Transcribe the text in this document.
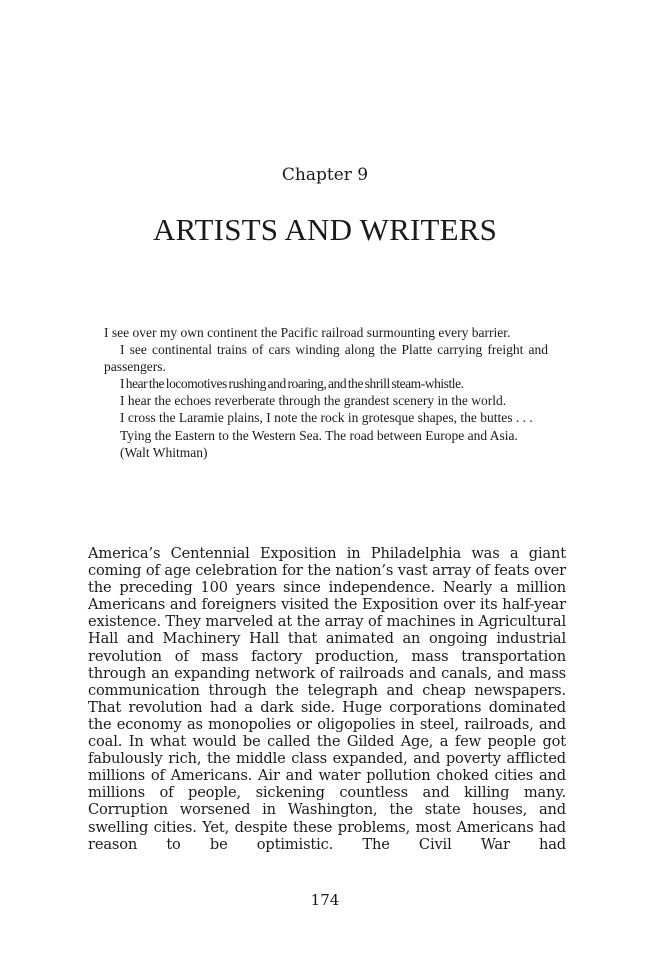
Chapter 9
ARTISTS AND WRITERS

I see over my own continent the Pacific railroad surmounting every barrier.

I see continental trains of cars winding along the Platte carrying freight and passengers.

I hear the locomotives rushing and roaring, and the shrill steam-whistle.

I hear the echoes reverberate through the grandest scenery in the world.

I cross the Laramie plains, I note the rock in grotesque shapes, the buttes . . .

Tying the Eastern to the Western Sea. The road between Europe and Asia.

(Walt Whitman)

America’s Centennial Exposition in Philadelphia was a giant coming of age celebration for the nation’s vast array of feats over the preceding 100 years since independence. Nearly a million Americans and foreigners visited the Exposition over its half-year existence. They marveled at the array of machines in Agricultural Hall and Machinery Hall that animated an ongoing industrial revolution of mass factory production, mass transportation through an expanding network of railroads and canals, and mass communication through the telegraph and cheap newspapers. That revolution had a dark side. Huge corporations dominated the economy as monopolies or oligopolies in steel, railroads, and coal. In what would be called the Gilded Age, a few people got fabulously rich, the middle class expanded, and poverty afflicted millions of Americans. Air and water pollution choked cities and millions of people, sickening countless and killing many. Corruption worsened in Washington, the state houses, and swelling cities. Yet, despite these problems, most Americans had reason to be optimistic. The Civil War had

174
